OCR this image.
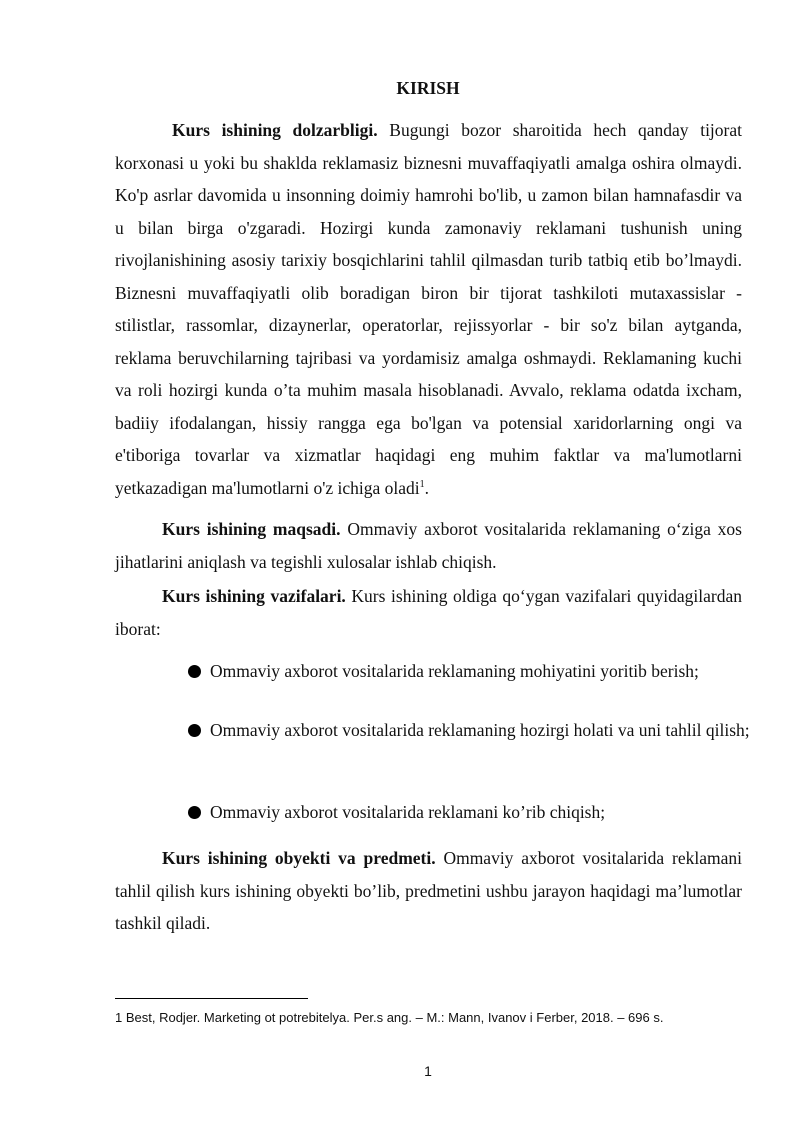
KIRISH

Kurs ishining dolzarbligi. Bugungi bozor sharoitida hech qanday tijorat korxonasi u yoki bu shaklda reklamasiz biznesni muvaffaqiyatli amalga oshira olmaydi. Ko'p asrlar davomida u insonning doimiy hamrohi bo'lib, u zamon bilan hamnafasdir va u bilan birga o'zgaradi. Hozirgi kunda zamonaviy reklamani tushunish uning rivojlanishining asosiy tarixiy bosqichlarini tahlil qilmasdan turib tatbiq etib bo’lmaydi. Biznesni muvaffaqiyatli olib boradigan biron bir tijorat tashkiloti mutaxassislar - stilistlar, rassomlar, dizaynerlar, operatorlar, rejissyorlar - bir so'z bilan aytganda, reklama beruvchilarning tajribasi va yordamisiz amalga oshmaydi. Reklamaning kuchi va roli hozirgi kunda o’ta muhim masala hisoblanadi. Avvalo, reklama odatda ixcham, badiiy ifodalangan, hissiy rangga ega bo'lgan va potensial xaridorlarning ongi va e'tiboriga tovarlar va xizmatlar haqidagi eng muhim faktlar va ma'lumotlarni yetkazadigan ma'lumotlarni o'z ichiga oladi$^1$.

Kurs ishining maqsadi. Ommaviy axborot vositalarida reklamaning o‘ziga xos jihatlarini aniqlash va tegishli xulosalar ishlab chiqish.

Kurs ishining vazifalari. Kurs ishining oldiga qo‘ygan vazifalari quyidagilardan iborat:

Ommaviy axborot vositalarida reklamaning mohiyatini yoritib berish;
Ommaviy axborot vositalarida reklamaning hozirgi holati va uni tahlil qilish;
Ommaviy axborot vositalarida reklamani ko’rib chiqish;

Kurs ishining obyekti va predmeti. Ommaviy axborot vositalarida reklamani tahlil qilish kurs ishining obyekti bo’lib, predmetini ushbu jarayon haqidagi ma’lumotlar tashkil qiladi.

1 Best, Rodjer. Marketing ot potrebitelya. Per.s ang. – M.: Mann, Ivanov i Ferber, 2018. – 696 s.

1
